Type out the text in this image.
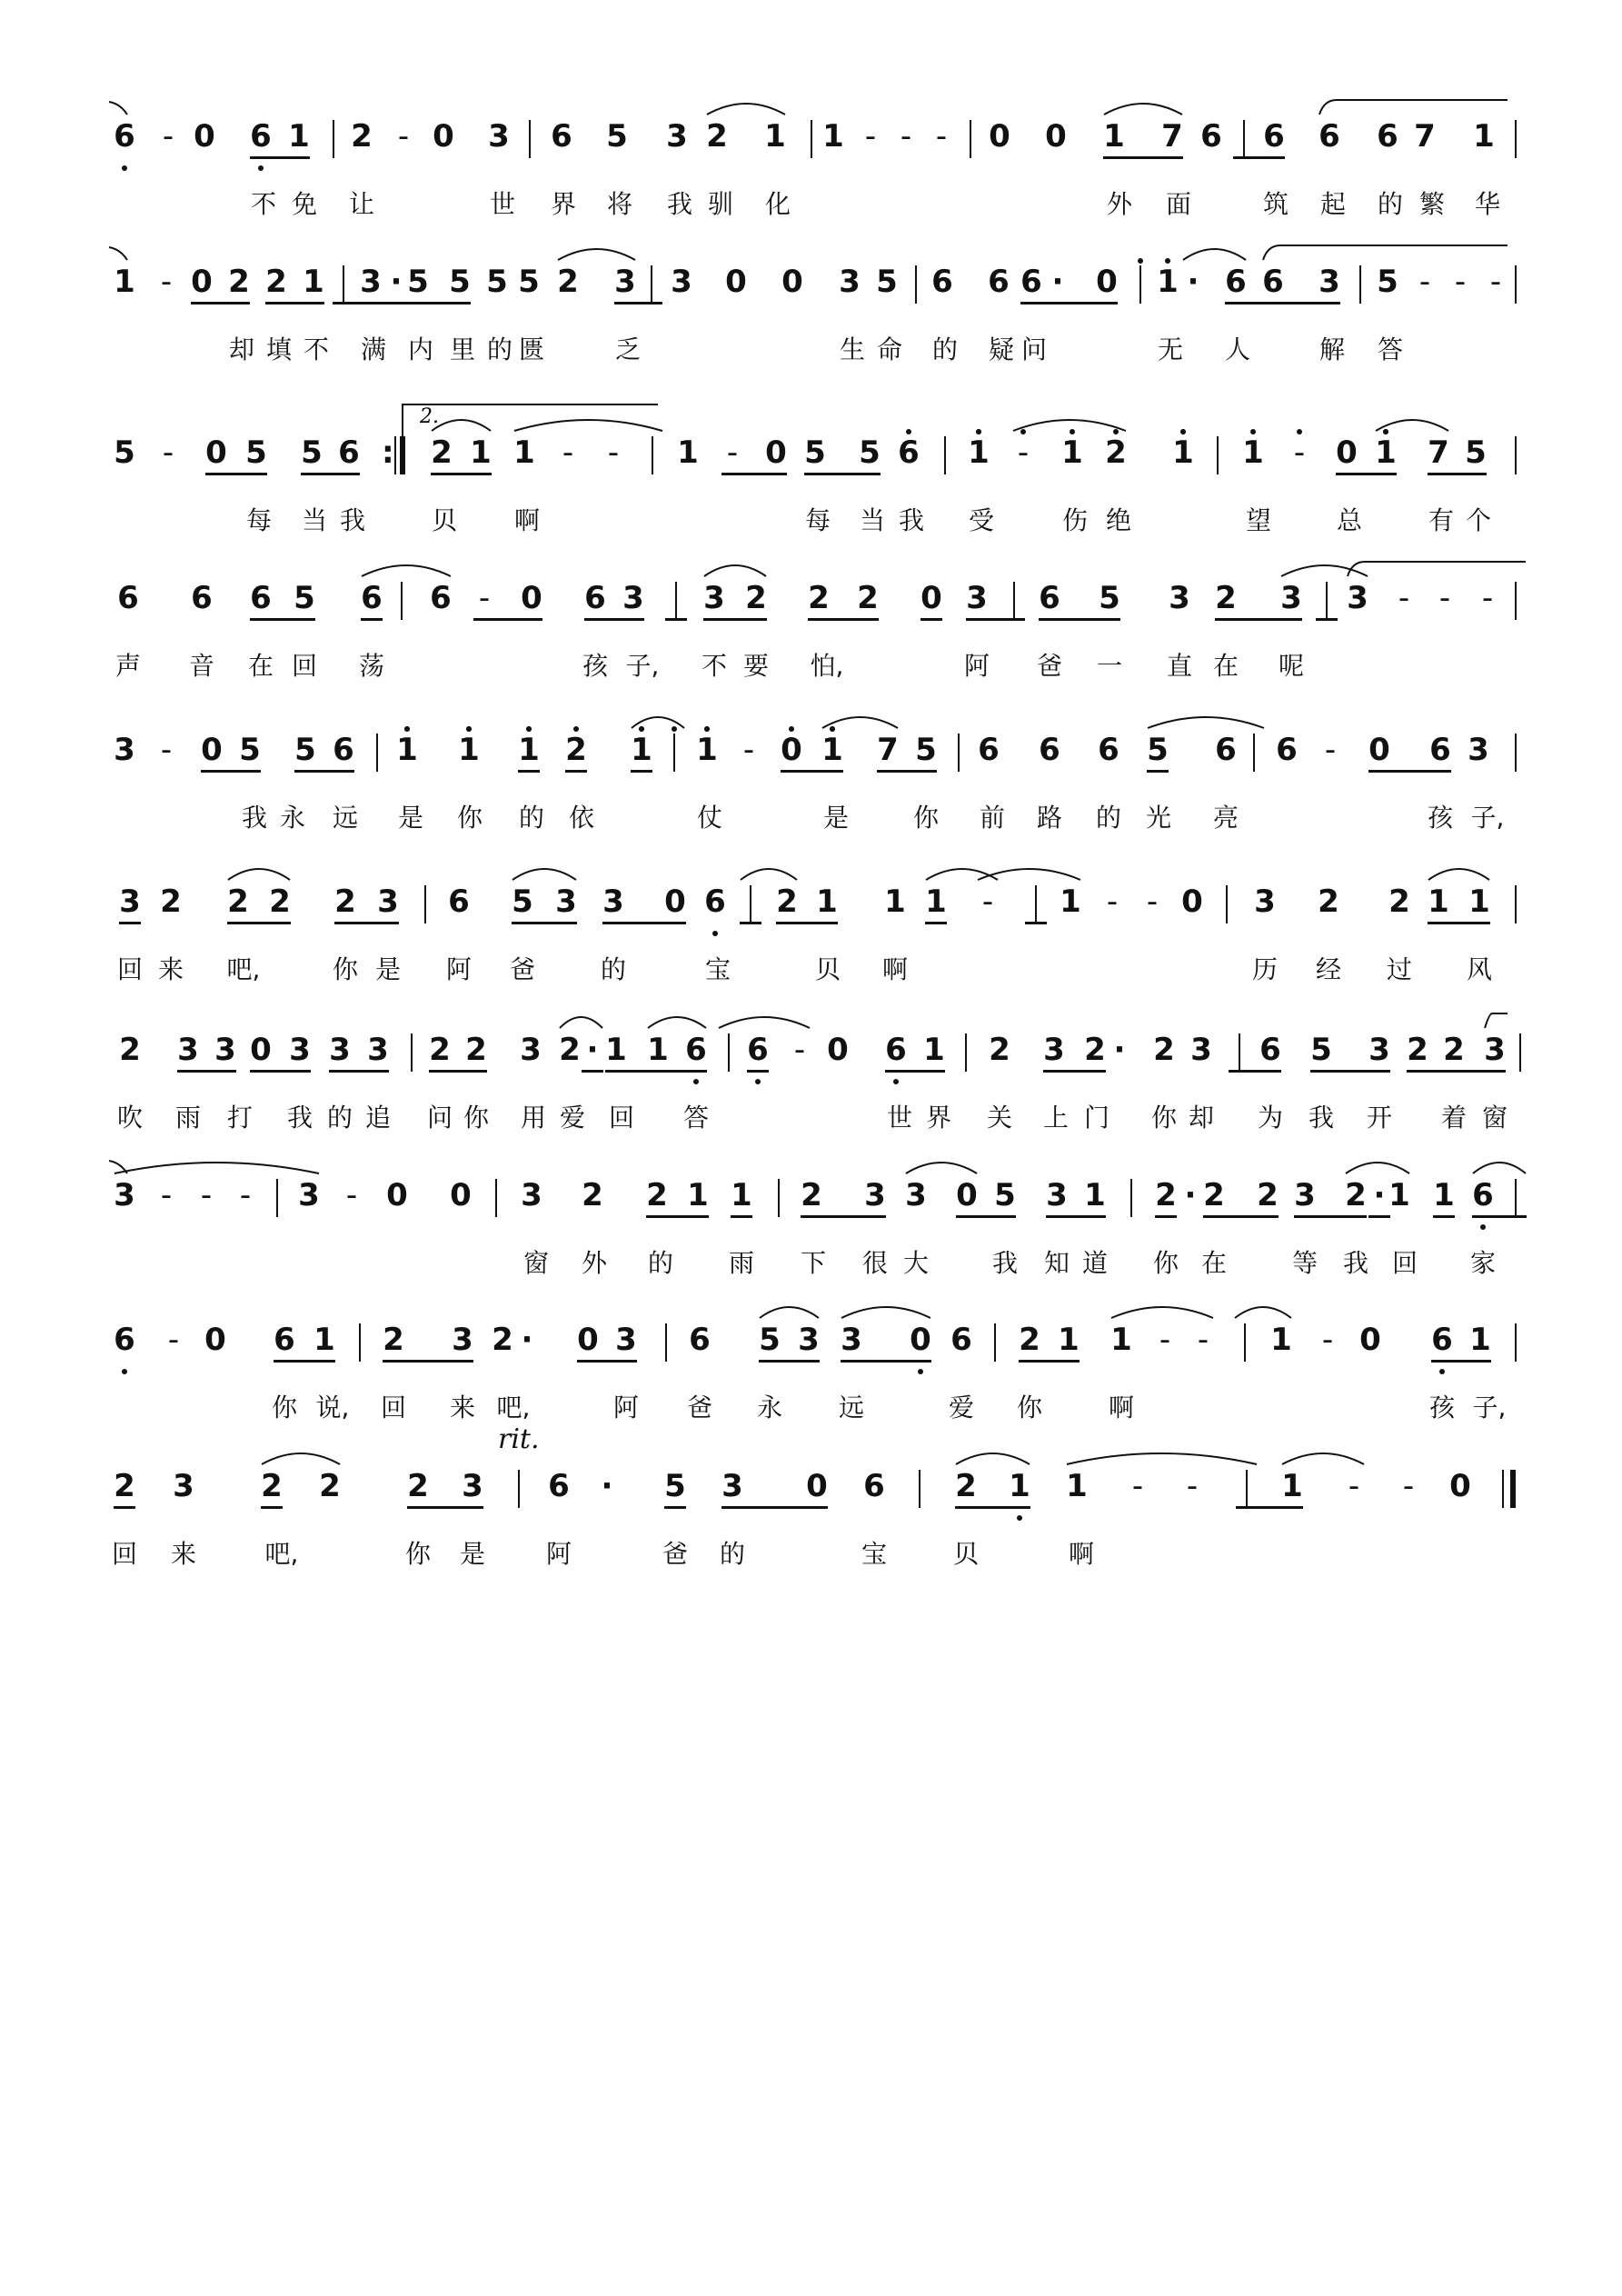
6 - 0 6 1 2 - 0 3 6 5 3 2 1 1 - - - 0 0 1 7 6 6 6 6 7 1
不 免 让	世 界 将 我 驯 化	外 面	筑 起 的 繁 华
1 - 0 2 2 1 3 · 5 5 5 5 2 3 3 0 0 3 5 6 6 6 · 0 1 · 6 6 3 5 - - -
却 填 不 满 内 里 的 匮	乏	生 命 的 疑 问	无 人	解 答
5 - 0 5 5 6 : 2 1 1 - - 1 - 0 5 5 6 1 - 1 2 1 1 - 0 1 7 5
每 当 我	贝 啊	每 当 我 受	伤 绝	望	总	有 个
6 6 6 5 6 6 - 0 6 3 3 2 2 2 0 3 6 5 3 2 3 3 - - -
声 音 在 回 荡	孩 子, 不 要 怕,	阿 爸 一 直 在 呢
3 - 0 5 5 6 1 1 1 2 1 1 - 0 1 7 5 6 6 6 5 6 6 - 0 6 3
我 永 远 是 你 的 依	仗	是	你 前 路 的 光 亮	孩 子,
3 2 2 2 2 3 6 5 3 3 0 6 2 1 1 1 - 1 - - 0 3 2 2 1 1
回 来 吧,	你 是 阿 爸	的	宝	贝 啊	历 经 过 风
2 3 3 0 3 3 3 2 2 3 2 · 1 1 6 6 - 0 6 1 2 3 2 · 2 3 6 5 3 2 2 3
吹 雨 打 我 的 追 问 你 用 爱 回 答	世 界 关 上 门 你 却 为 我 开 着 窗
3 - - - 3 - 0 0 3 2 2 1 1 2 3 3 0 5 3 1 2 · 2 2 3 2 · 1 1 6
窗 外 的 雨 下 很 大 我 知 道 你 在	等 我 回 家
6 - 0 6 1 2 3 2 · 0 3 6 5 3 3 0 6 2 1 1 - - 1 - 0 6 1
你 说, 回 来 吧,	阿 爸 永 远	爱 你	啊	孩 子,
2 3 2 2 2 3 6 · 5 3 0 6 2 1 1 - -	1 - - 0
回 来	吧,	你 是 阿	爸 的	宝	贝	啊
2.
rit.
